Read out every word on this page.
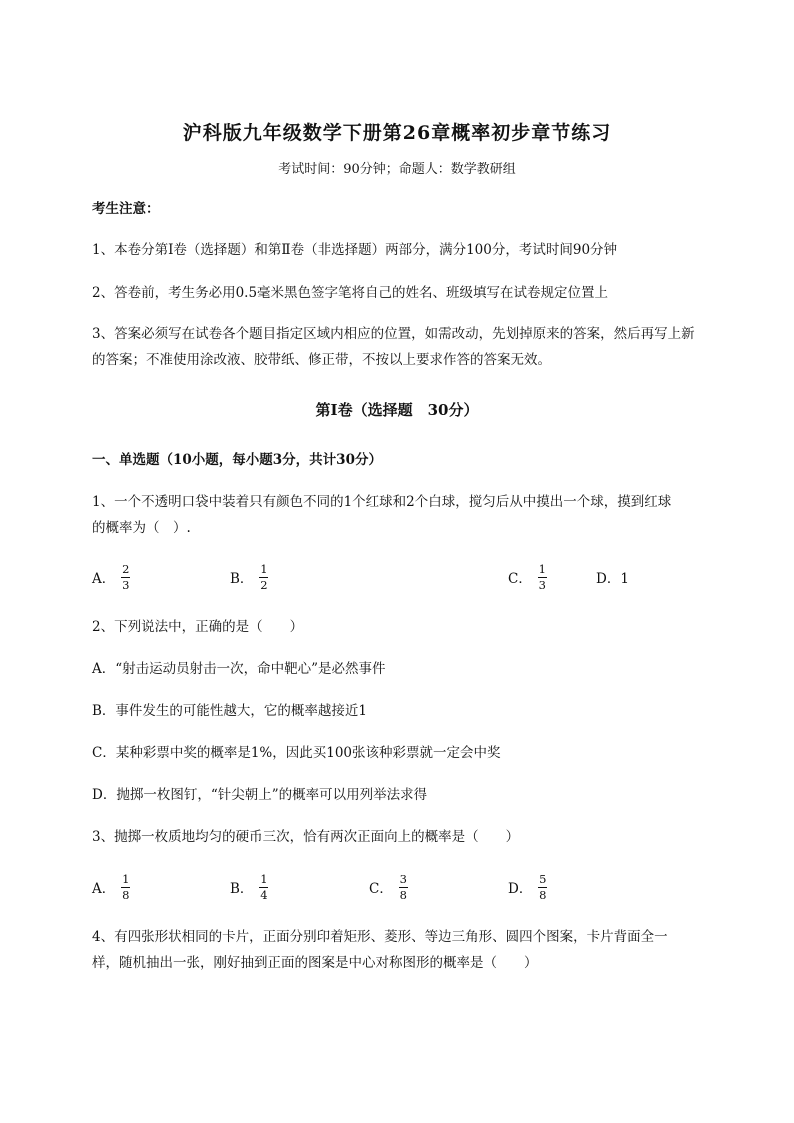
沪科版九年级数学下册第26章概率初步章节练习
考试时间：90分钟；命题人：数学教研组
考生注意：
1、本卷分第I卷（选择题）和第Ⅱ卷（非选择题）两部分，满分100分，考试时间90分钟
2、答卷前，考生务必用0.5毫米黑色签字笔将自己的姓名、班级填写在试卷规定位置上
3、答案必须写在试卷各个题目指定区域内相应的位置，如需改动，先划掉原来的答案，然后再写上新
的答案；不准使用涂改液、胶带纸、修正带，不按以上要求作答的答案无效。
第I卷（选择题　30分）
一、单选题（10小题，每小题3分，共计30分）
1、一个不透明口袋中装着只有颜色不同的1个红球和2个白球，搅匀后从中摸出一个球，摸到红球
的概率为（　）.
A． $\frac{2}{3}$	B． $\frac{1}{2}$	C． $\frac{1}{3}$	D．1
2、下列说法中，正确的是（　　）
A．“射击运动员射击一次，命中靶心”是必然事件
B．事件发生的可能性越大，它的概率越接近1
C．某种彩票中奖的概率是1%，因此买100张该种彩票就一定会中奖
D．抛掷一枚图钉，“针尖朝上”的概率可以用列举法求得
3、抛掷一枚质地均匀的硬币三次，恰有两次正面向上的概率是（　　）
A． $\frac{1}{8}$	B． $\frac{1}{4}$	C． $\frac{3}{8}$	D． $\frac{5}{8}$
4、有四张形状相同的卡片，正面分别印着矩形、菱形、等边三角形、圆四个图案，卡片背面全一
样，随机抽出一张，刚好抽到正面的图案是中心对称图形的概率是（　　）
